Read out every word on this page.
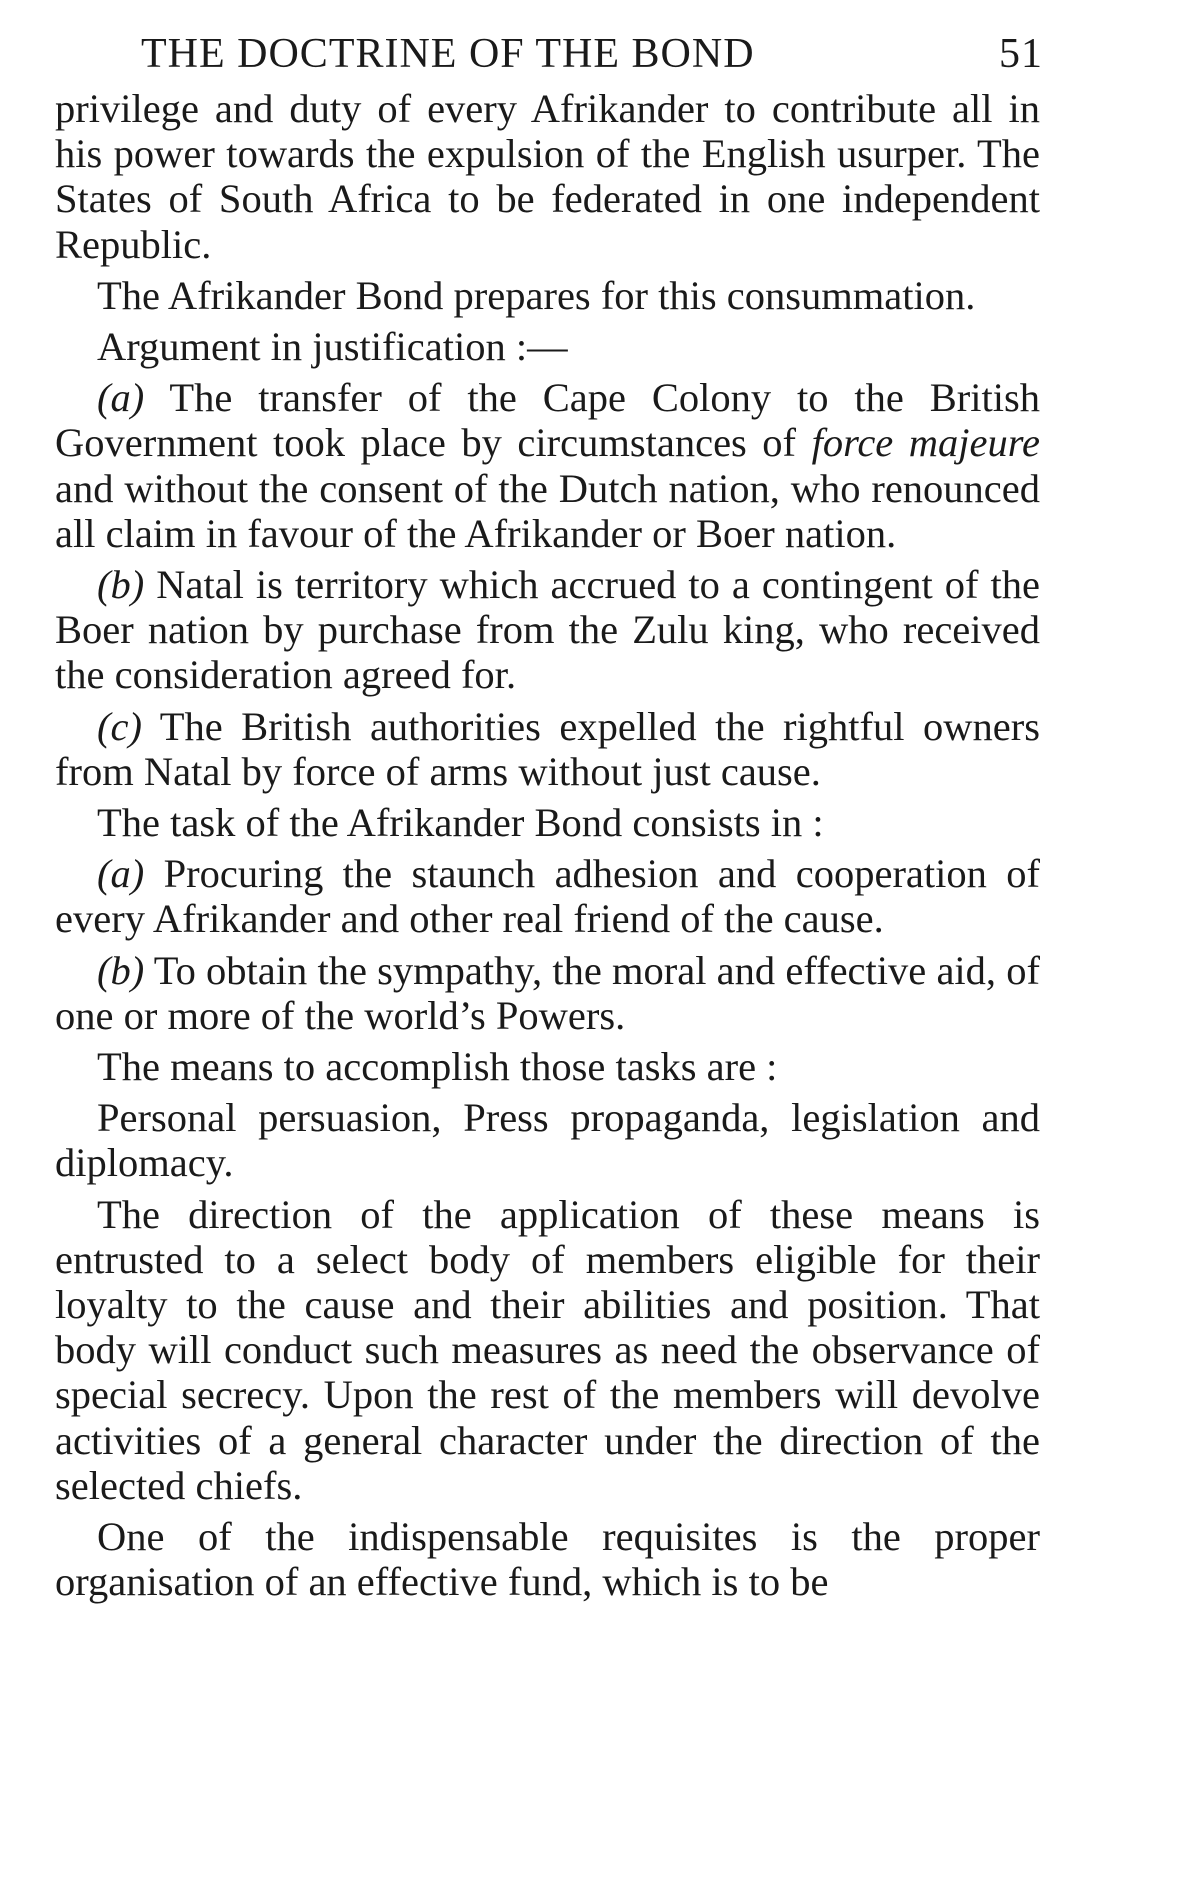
THE DOCTRINE OF THE BOND	51

privilege and duty of every Afrikander to contribute all in his power towards the expulsion of the English usurper. The States of South Africa to be federated in one independent Republic.

The Afrikander Bond prepares for this consummation.

Argument in justification :—

(a) The transfer of the Cape Colony to the British Government took place by circumstances of force majeure and without the consent of the Dutch nation, who renounced all claim in favour of the Afrikander or Boer nation.

(b) Natal is territory which accrued to a contingent of the Boer nation by purchase from the Zulu king, who received the consideration agreed for.

(c) The British authorities expelled the rightful owners from Natal by force of arms without just cause.

The task of the Afrikander Bond consists in :

(a) Procuring the staunch adhesion and cooperation of every Afrikander and other real friend of the cause.

(b) To obtain the sympathy, the moral and effective aid, of one or more of the world’s Powers.

The means to accomplish those tasks are :

Personal persuasion, Press propaganda, legislation and diplomacy.

The direction of the application of these means is entrusted to a select body of members eligible for their loyalty to the cause and their abilities and position. That body will conduct such measures as need the observance of special secrecy. Upon the rest of the members will devolve activities of a general character under the direction of the selected chiefs.

One of the indispensable requisites is the proper organisation of an effective fund, which is to be
